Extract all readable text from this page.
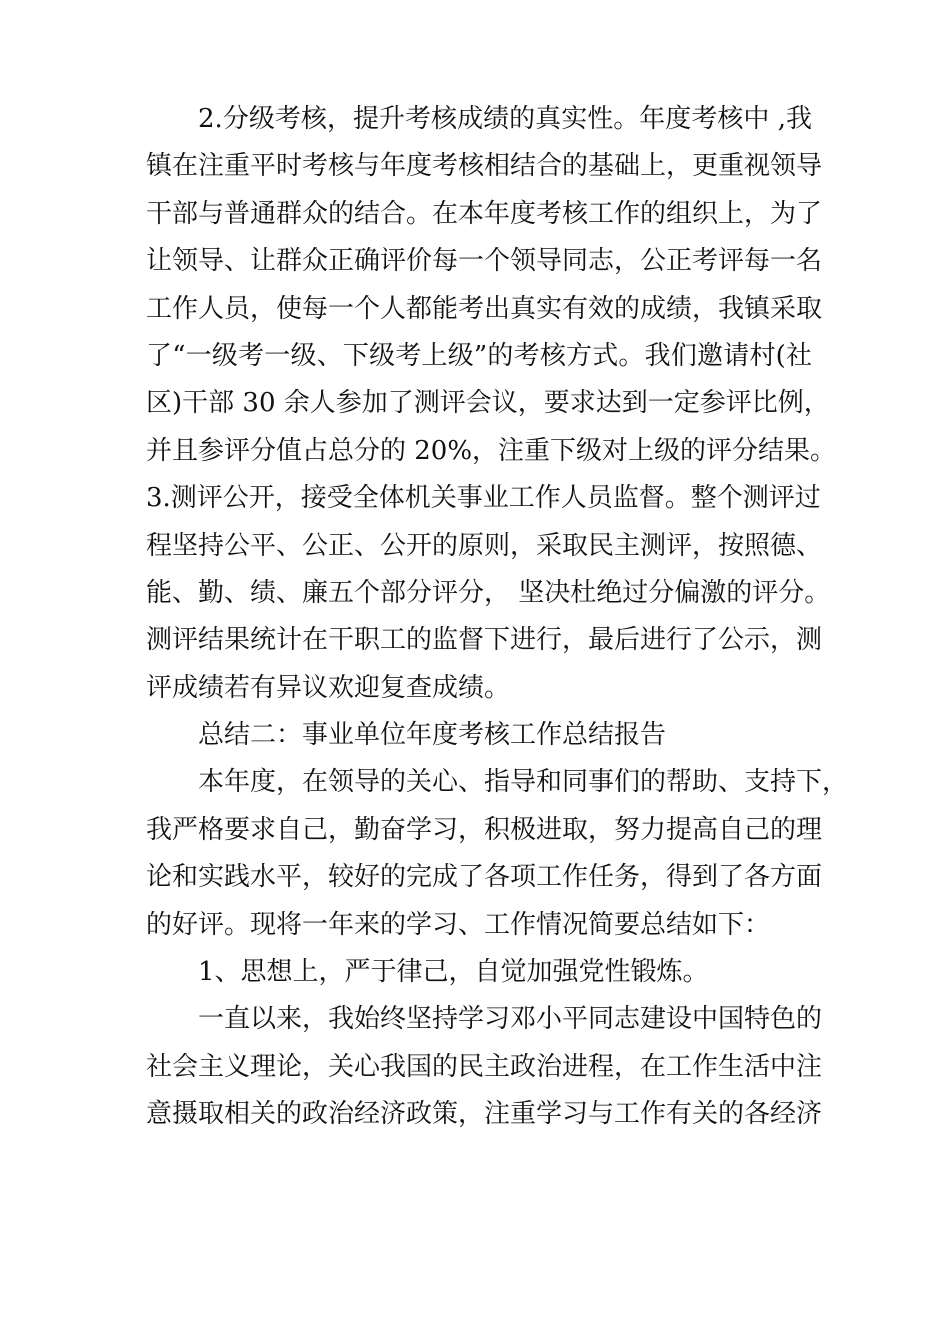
2.分级考核，提升考核成绩的真实性。年度考核中 ,我
镇在注重平时考核与年度考核相结合的基础上，更重视领导
干部与普通群众的结合。在本年度考核工作的组织上，为了
让领导、让群众正确评价每一个领导同志，公正考评每一名
工作人员，使每一个人都能考出真实有效的成绩，我镇采取
了“一级考一级、下级考上级”的考核方式。我们邀请村(社
区)干部 30 余人参加了测评会议，要求达到一定参评比例，
并且参评分值占总分的 20%，注重下级对上级的评分结果。
3.测评公开，接受全体机关事业工作人员监督。整个测评过
程坚持公平、公正、公开的原则，采取民主测评，按照德、
能、勤、绩、廉五个部分评分， 坚决杜绝过分偏激的评分。
测评结果统计在干职工的监督下进行，最后进行了公示，测
评成绩若有异议欢迎复查成绩。
总结二：事业单位年度考核工作总结报告
本年度，在领导的关心、指导和同事们的帮助、支持下，
我严格要求自己，勤奋学习，积极进取，努力提高自己的理
论和实践水平，较好的完成了各项工作任务，得到了各方面
的好评。现将一年来的学习、工作情况简要总结如下：
1、思想上，严于律己，自觉加强党性锻炼。
一直以来，我始终坚持学习邓小平同志建设中国特色的
社会主义理论，关心我国的民主政治进程，在工作生活中注
意摄取相关的政治经济政策，注重学习与工作有关的各经济
